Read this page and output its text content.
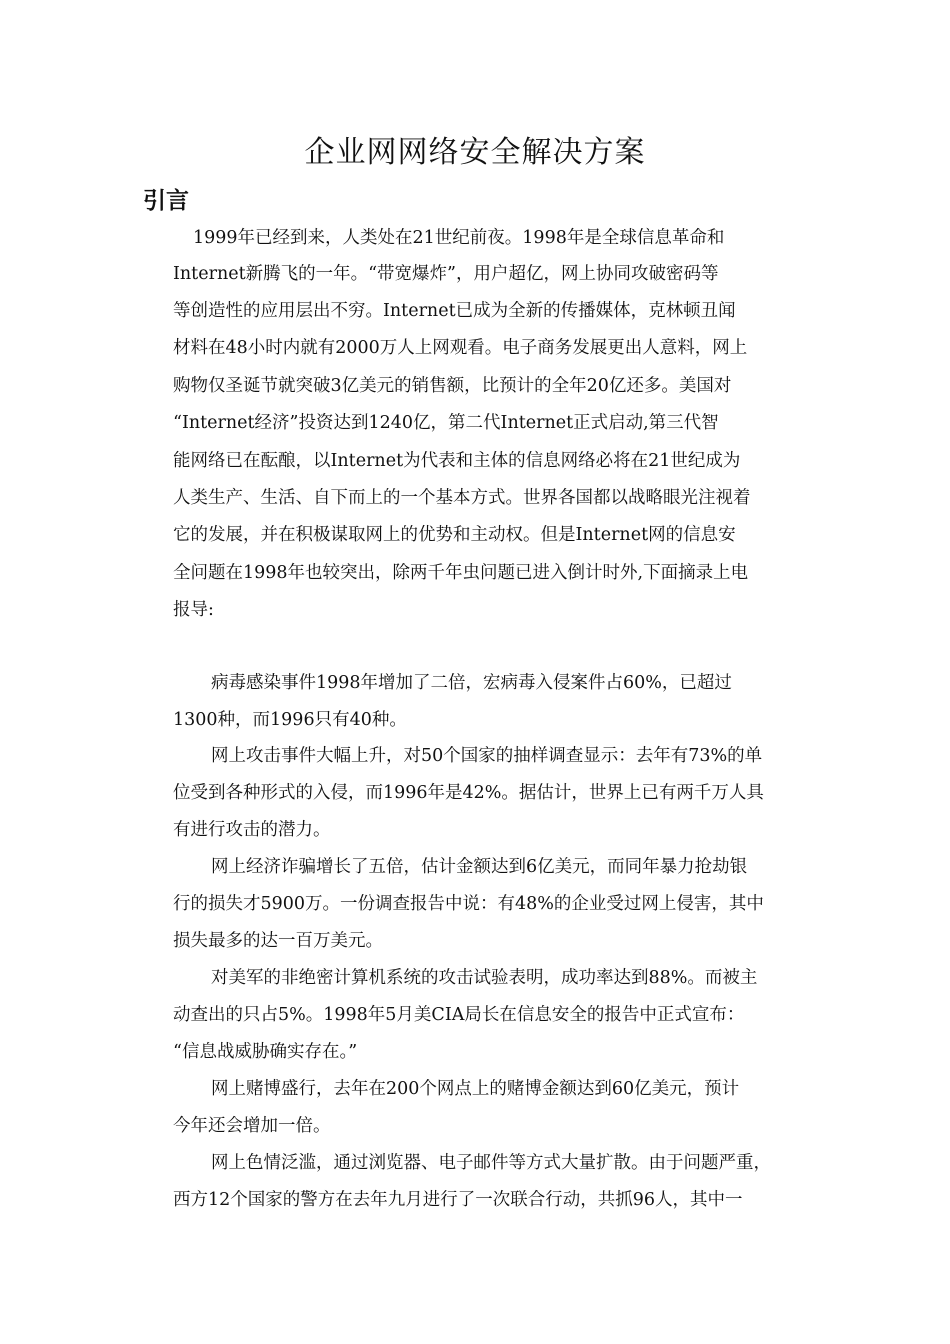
企业网网络安全解决方案
引言
1999年已经到来，人类处在21世纪前夜。1998年是全球信息革命和
Internet新腾飞的一年。“带宽爆炸”，用户超亿，网上协同攻破密码等
等创造性的应用层出不穷。Internet已成为全新的传播媒体，克林顿丑闻
材料在48小时内就有2000万人上网观看。电子商务发展更出人意料，网上
购物仅圣诞节就突破3亿美元的销售额，比预计的全年20亿还多。美国对
“Internet经济”投资达到1240亿，第二代Internet正式启动,第三代智
能网络已在酝酿，以Internet为代表和主体的信息网络必将在21世纪成为
人类生产、生活、自下而上的一个基本方式。世界各国都以战略眼光注视着
它的发展，并在积极谋取网上的优势和主动权。但是Internet网的信息安
全问题在1998年也较突出，除两千年虫问题已进入倒计时外,下面摘录上电
报导:
病毒感染事件1998年增加了二倍，宏病毒入侵案件占60%，已超过
1300种，而1996只有40种。
网上攻击事件大幅上升，对50个国家的抽样调查显示：去年有73%的单
位受到各种形式的入侵，而1996年是42%。据估计，世界上已有两千万人具
有进行攻击的潜力。
网上经济诈骗增长了五倍，估计金额达到6亿美元，而同年暴力抢劫银
行的损失才5900万。一份调查报告中说：有48%的企业受过网上侵害，其中
损失最多的达一百万美元。
对美军的非绝密计算机系统的攻击试验表明，成功率达到88%。而被主
动查出的只占5%。1998年5月美CIA局长在信息安全的报告中正式宣布：
“信息战威胁确实存在。”
网上赌博盛行，去年在200个网点上的赌博金额达到60亿美元，预计
今年还会增加一倍。
网上色情泛滥，通过浏览器、电子邮件等方式大量扩散。由于问题严重，
西方12个国家的警方在去年九月进行了一次联合行动，共抓96人，其中一
